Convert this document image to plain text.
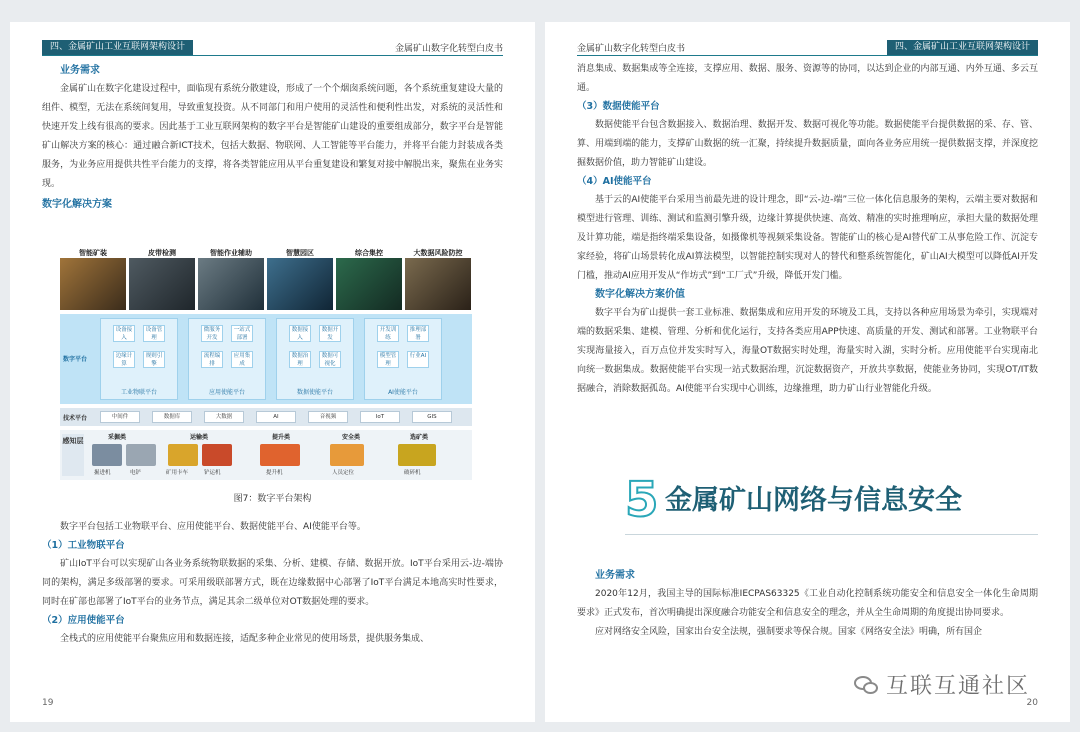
四、金属矿山工业互联网架构设计	金属矿山数字化转型白皮书
业务需求
金属矿山在数字化建设过程中，面临现有系统分散建设，形成了一个个烟囱系统问题，各个系统重复建设大量的组件、模型，无法在系统间复用，导致重复投资。从不同部门和用户使用的灵活性和便利性出发，对系统的灵活性和快速开发上线有很高的要求。因此基于工业互联网架构的数字平台是智能矿山建设的重要组成部分，数字平台是智能矿山解决方案的核心：通过融合新ICT技术，包括大数据、物联网、人工智能等平台能力，并将平台能力封装成各类服务，为业务应用提供共性平台能力的支撑，将各类智能应用从平台重复建设和繁复对接中解脱出来，聚焦在业务实现。
数字化解决方案
智能矿装	皮带检测	智能作业辅助	智慧园区	综合集控	大数据风险防控
数字平台
设备接入
设备管理
边缘计算
规则引擎
工业物联平台
微服务开发
一站式部署
流程编排
应用集成
应用使能平台
数据接入
数据开发
数据治理
数据可视化
数据使能平台
开发训练
推理部署
模型管理
行业AI
AI使能平台
技术平台	中间件	数据库	大数据	AI	音视频	IoT	GIS
感知层	采掘类
掘进机	电铲
运输类
矿用卡车	铲运机
提升类
提升机
安全类
人员定位
选矿类
破碎机
图7：数字平台架构
数字平台包括工业物联平台、应用使能平台、数据使能平台、AI使能平台等。
（1）工业物联平台
矿山IoT平台可以实现矿山各业务系统物联数据的采集、分析、建模、存储、数据开放。IoT平台采用云-边-端协同的架构，满足多级部署的要求。可采用级联部署方式，既在边缘数据中心部署了IoT平台满足本地高实时性要求，同时在矿部也部署了IoT平台的业务节点，满足其余二级单位对OT数据处理的要求。
（2）应用使能平台
全栈式的应用使能平台聚焦应用和数据连接，适配多种企业常见的使用场景，提供服务集成、
19
金属矿山数字化转型白皮书	四、金属矿山工业互联网架构设计
消息集成、数据集成等全连接，支撑应用、数据、服务、资源等的协同，以达到企业的内部互通、内外互通、多云互通。
（3）数据使能平台
数据使能平台包含数据接入、数据治理、数据开发、数据可视化等功能。数据使能平台提供数据的采、存、管、算、用端到端的能力，支撑矿山数据的统一汇聚，持续提升数据质量，面向各业务应用统一提供数据支撑，并深度挖掘数据价值，助力智能矿山建设。
（4）AI使能平台
基于云的AI使能平台采用当前最先进的设计理念，即“云-边-端”三位一体化信息服务的架构，云端主要对数据和模型进行管理、训练、测试和监测引擎升级，边缘计算提供快速、高效、精准的实时推理响应，承担大量的数据处理及计算功能，端是指终端采集设备，如摄像机等视频采集设备。智能矿山的核心是AI替代矿工从事危险工作、沉淀专家经验，将矿山场景转化成AI算法模型，以智能控制实现对人的替代和整系统智能化，矿山AI大模型可以降低AI开发门槛，推动AI应用开发从“作坊式”到“工厂式”升级，降低开发门槛。
数字化解决方案价值
数字平台为矿山提供一套工业标准、数据集成和应用开发的环境及工具，支持以各种应用场景为牵引，实现端对端的数据采集、建模、管理、分析和优化运行，支持各类应用APP快速、高质量的开发、测试和部署。工业物联平台实现海量接入，百万点位并发实时写入，海量OT数据实时处理，海量实时入湖，实时分析。应用使能平台实现南北向统一数据集成。数据使能平台实现一站式数据治理，沉淀数据资产，开放共享数据，使能业务协同，实现OT/IT数据融合，消除数据孤岛。AI使能平台实现中心训练，边缘推理，助力矿山行业智能化升级。
5 金属矿山网络与信息安全
业务需求
2020年12月，我国主导的国际标准IECPAS63325《工业自动化控制系统功能安全和信息安全一体化生命周期要求》正式发布，首次明确提出深度融合功能安全和信息安全的理念，并从全生命周期的角度提出协同要求。
应对网络安全风险，国家出台安全法规，强制要求等保合规。国家《网络安全法》明确，所有国企
20
互联互通社区
